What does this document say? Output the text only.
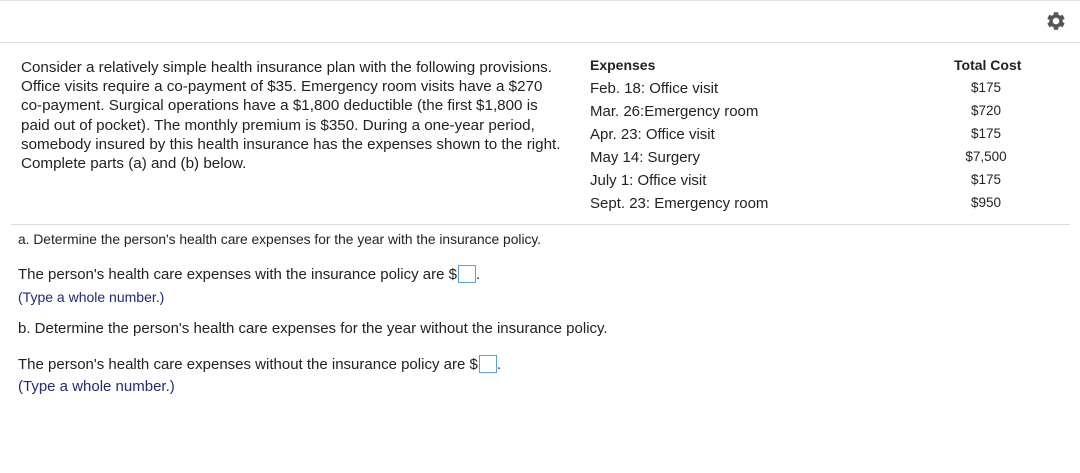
Consider a relatively simple health insurance plan with the following provisions. Office visits require a co-payment of $35. Emergency room visits have a $270 co-payment. Surgical operations have a $1,800 deductible (the first $1,800 is paid out of pocket). The monthly premium is $350. During a one-year period, somebody insured by this health insurance has the expenses shown to the right. Complete parts (a) and (b) below.
Expenses	Total Cost
Feb. 18: Office visit
Mar. 26:Emergency room
Apr. 23: Office visit
May 14: Surgery
July 1: Office visit
Sept. 23: Emergency room
$175
$720
$175
$7,500
$175
$950
a. Determine the person's health care expenses for the year with the insurance policy.
The person's health care expenses with the insurance policy are $ .
(Type a whole number.)
b. Determine the person's health care expenses for the year without the insurance policy.
The person's health care expenses without the insurance policy are $ .
(Type a whole number.)
